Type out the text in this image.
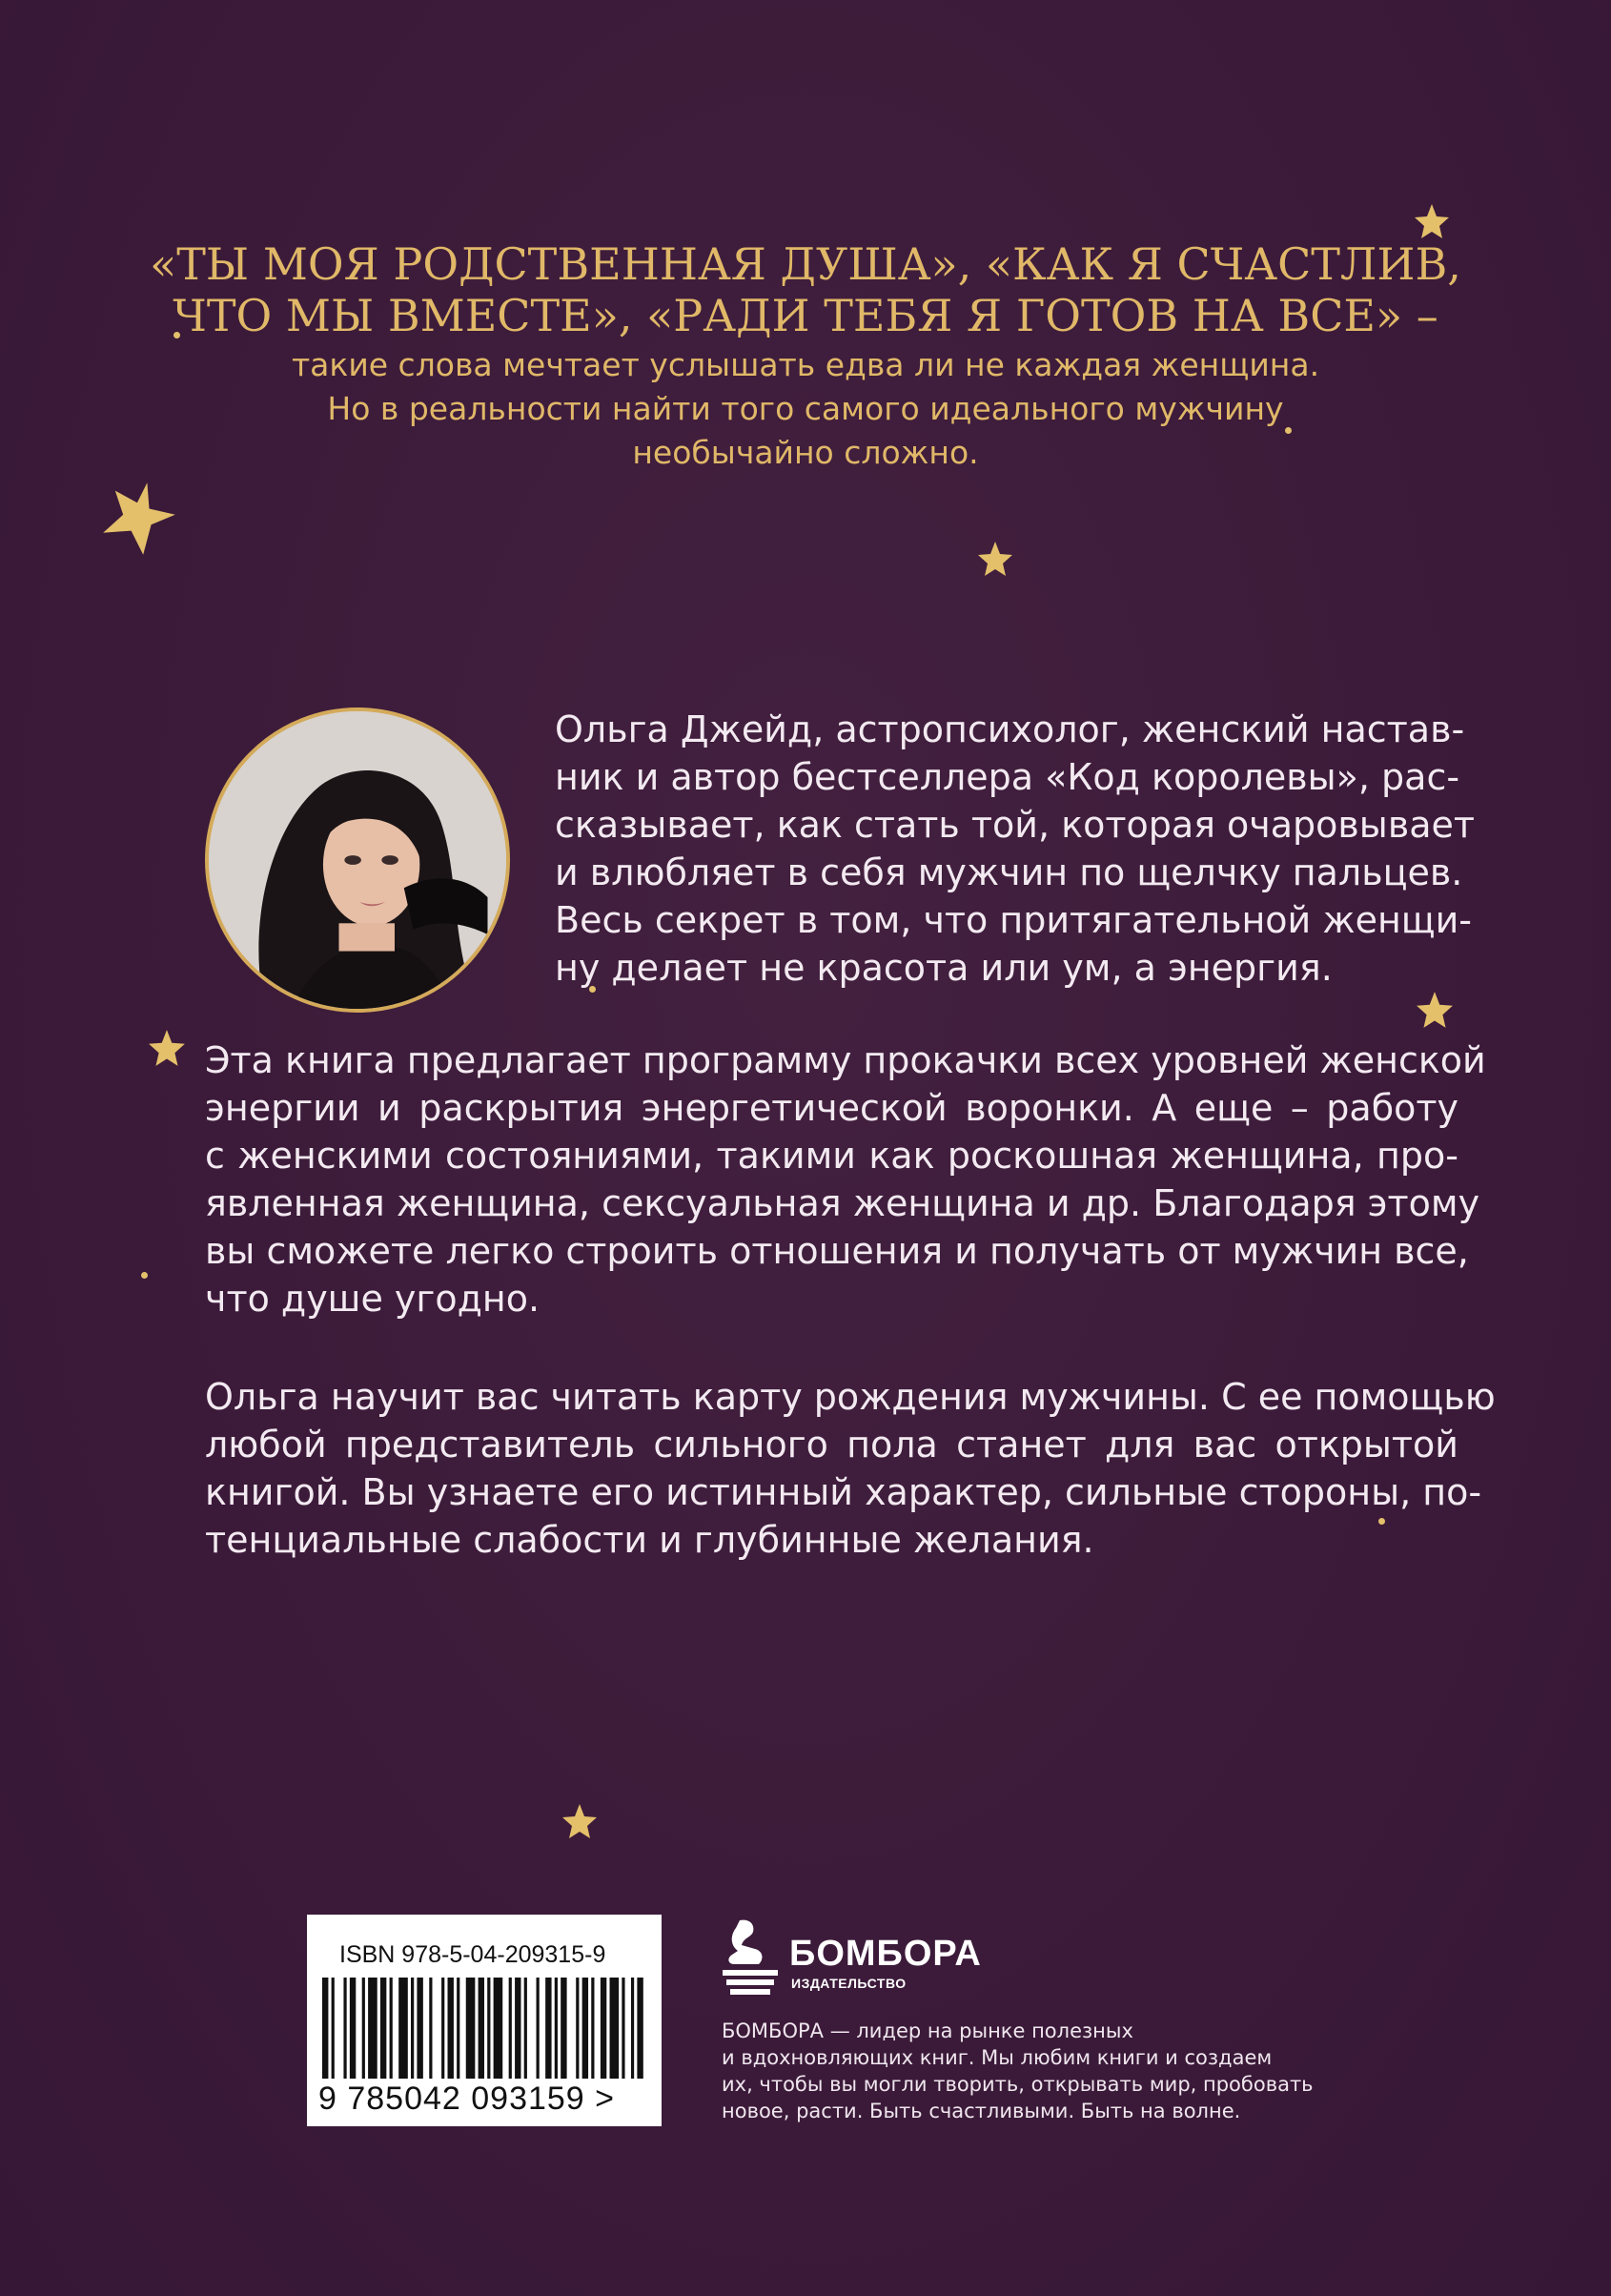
«ТЫ МОЯ РОДСТВЕННАЯ ДУША», «КАК Я СЧАСТЛИВ,
ЧТО МЫ ВМЕСТЕ», «РАДИ ТЕБЯ Я ГОТОВ НА ВСЕ» –
такие слова мечтает услышать едва ли не каждая женщина.
Но в реальности найти того самого идеального мужчину
необычайно сложно.
Ольга Джейд, астропсихолог, женский настав-
ник и автор бестселлера «Код королевы», рас-
сказывает, как стать той, которая очаровывает
и влюбляет в себя мужчин по щелчку пальцев.
Весь секрет в том, что притягательной женщи-
ну делает не красота или ум, а энергия.
Эта книга предлагает программу прокачки всех уровней женской
энергии и раскрытия энергетической воронки. А еще – работу
с женскими состояниями, такими как роскошная женщина, про-
явленная женщина, сексуальная женщина и др. Благодаря этому
вы сможете легко строить отношения и получать от мужчин все,
что душе угодно.
Ольга научит вас читать карту рождения мужчины. С ее помощью
любой представитель сильного пола станет для вас открытой
книгой. Вы узнаете его истинный характер, сильные стороны, по-
тенциальные слабости и глубинные желания.
ISBN 978-5-04-209315-9
9 785042 093159 >
БОМБОРА
ИЗДАТЕЛЬСТВО
БОМБОРА — лидер на рынке полезных
и вдохновляющих книг. Мы любим книги и создаем
их, чтобы вы могли творить, открывать мир, пробовать
новое, расти. Быть счастливыми. Быть на волне.
